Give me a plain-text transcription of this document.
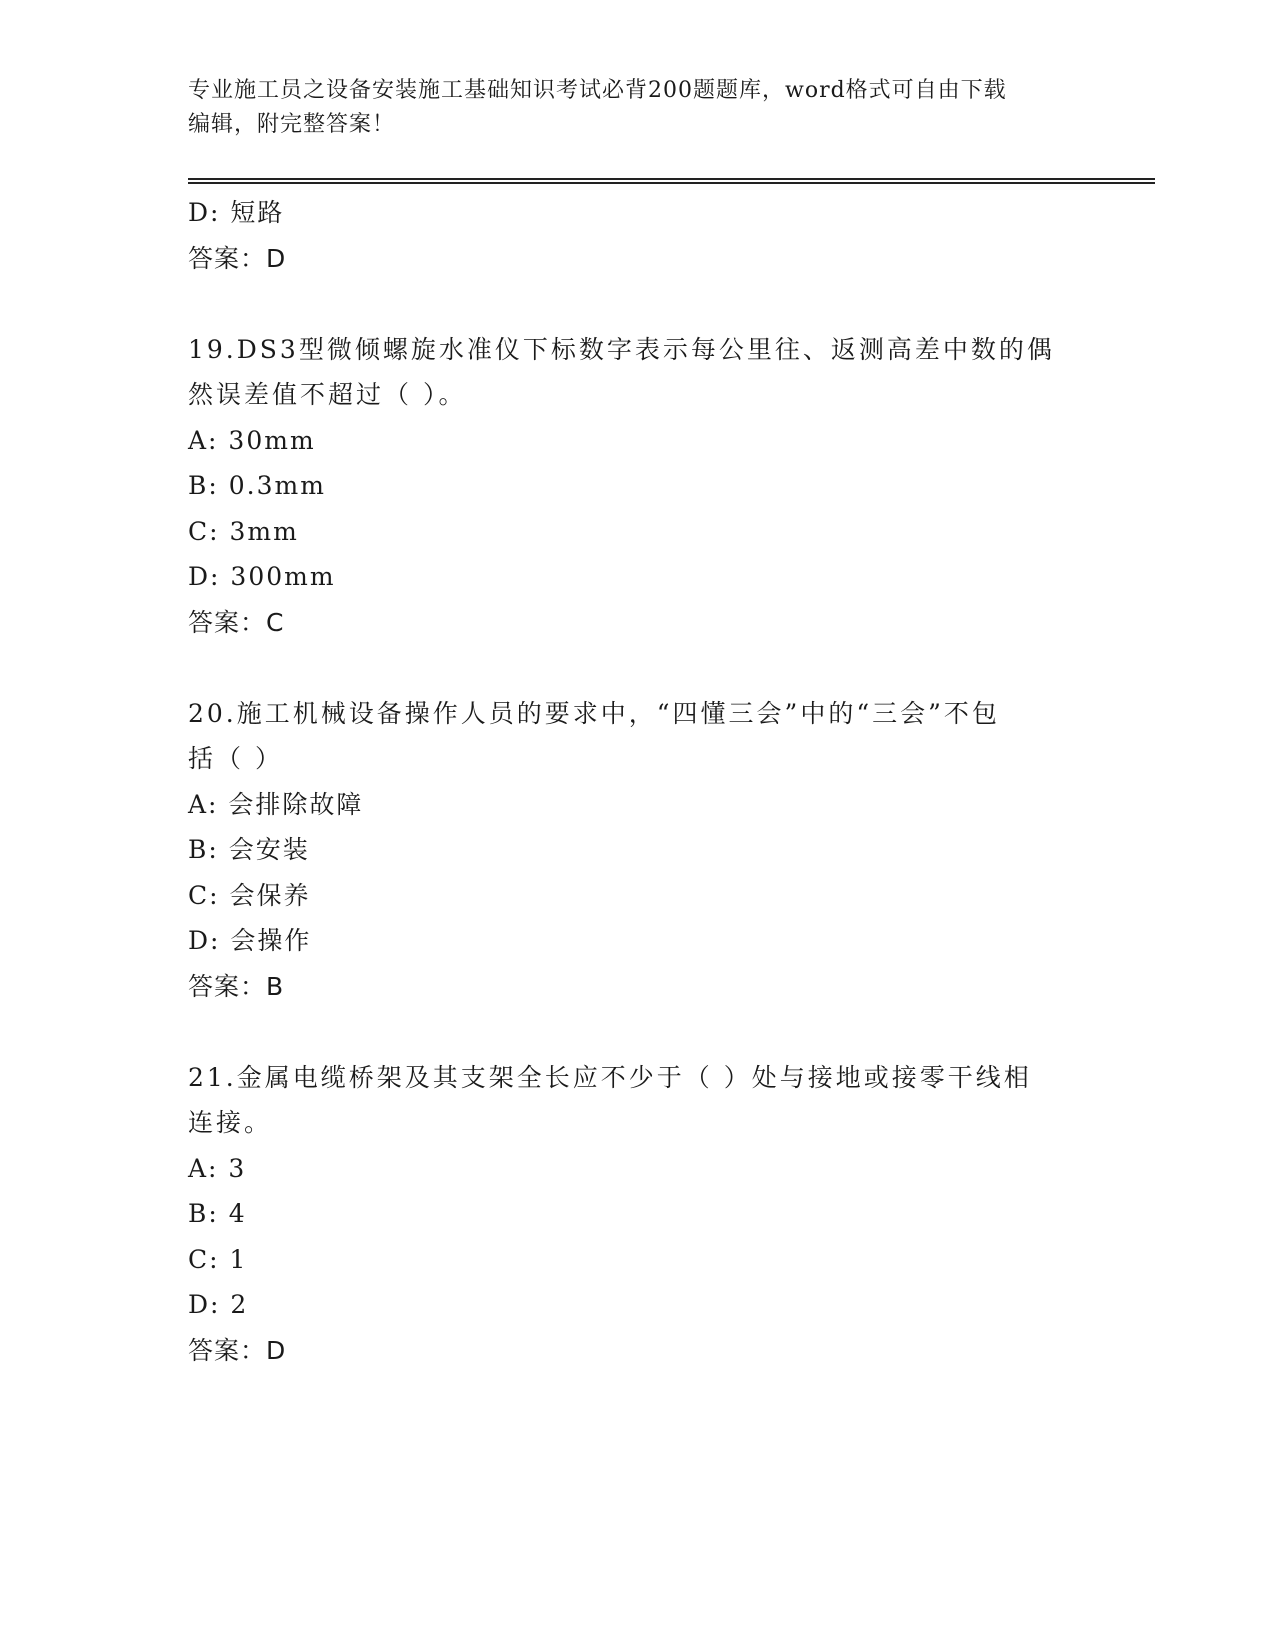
专业施工员之设备安装施工基础知识考试必背200题题库，word格式可自由下载
编辑，附完整答案！
D: 短路
答案：D
19.DS3型微倾螺旋水准仪下标数字表示每公里往、返测高差中数的偶
然误差值不超过（ ）。
A: 30mm
B: 0.3mm
C: 3mm
D: 300mm
答案：C
20.施工机械设备操作人员的要求中，“四懂三会”中的“三会”不包
括（ ）
A: 会排除故障
B: 会安装
C: 会保养
D: 会操作
答案：B
21.金属电缆桥架及其支架全长应不少于（ ）处与接地或接零干线相
连接。
A: 3
B: 4
C: 1
D: 2
答案：D
